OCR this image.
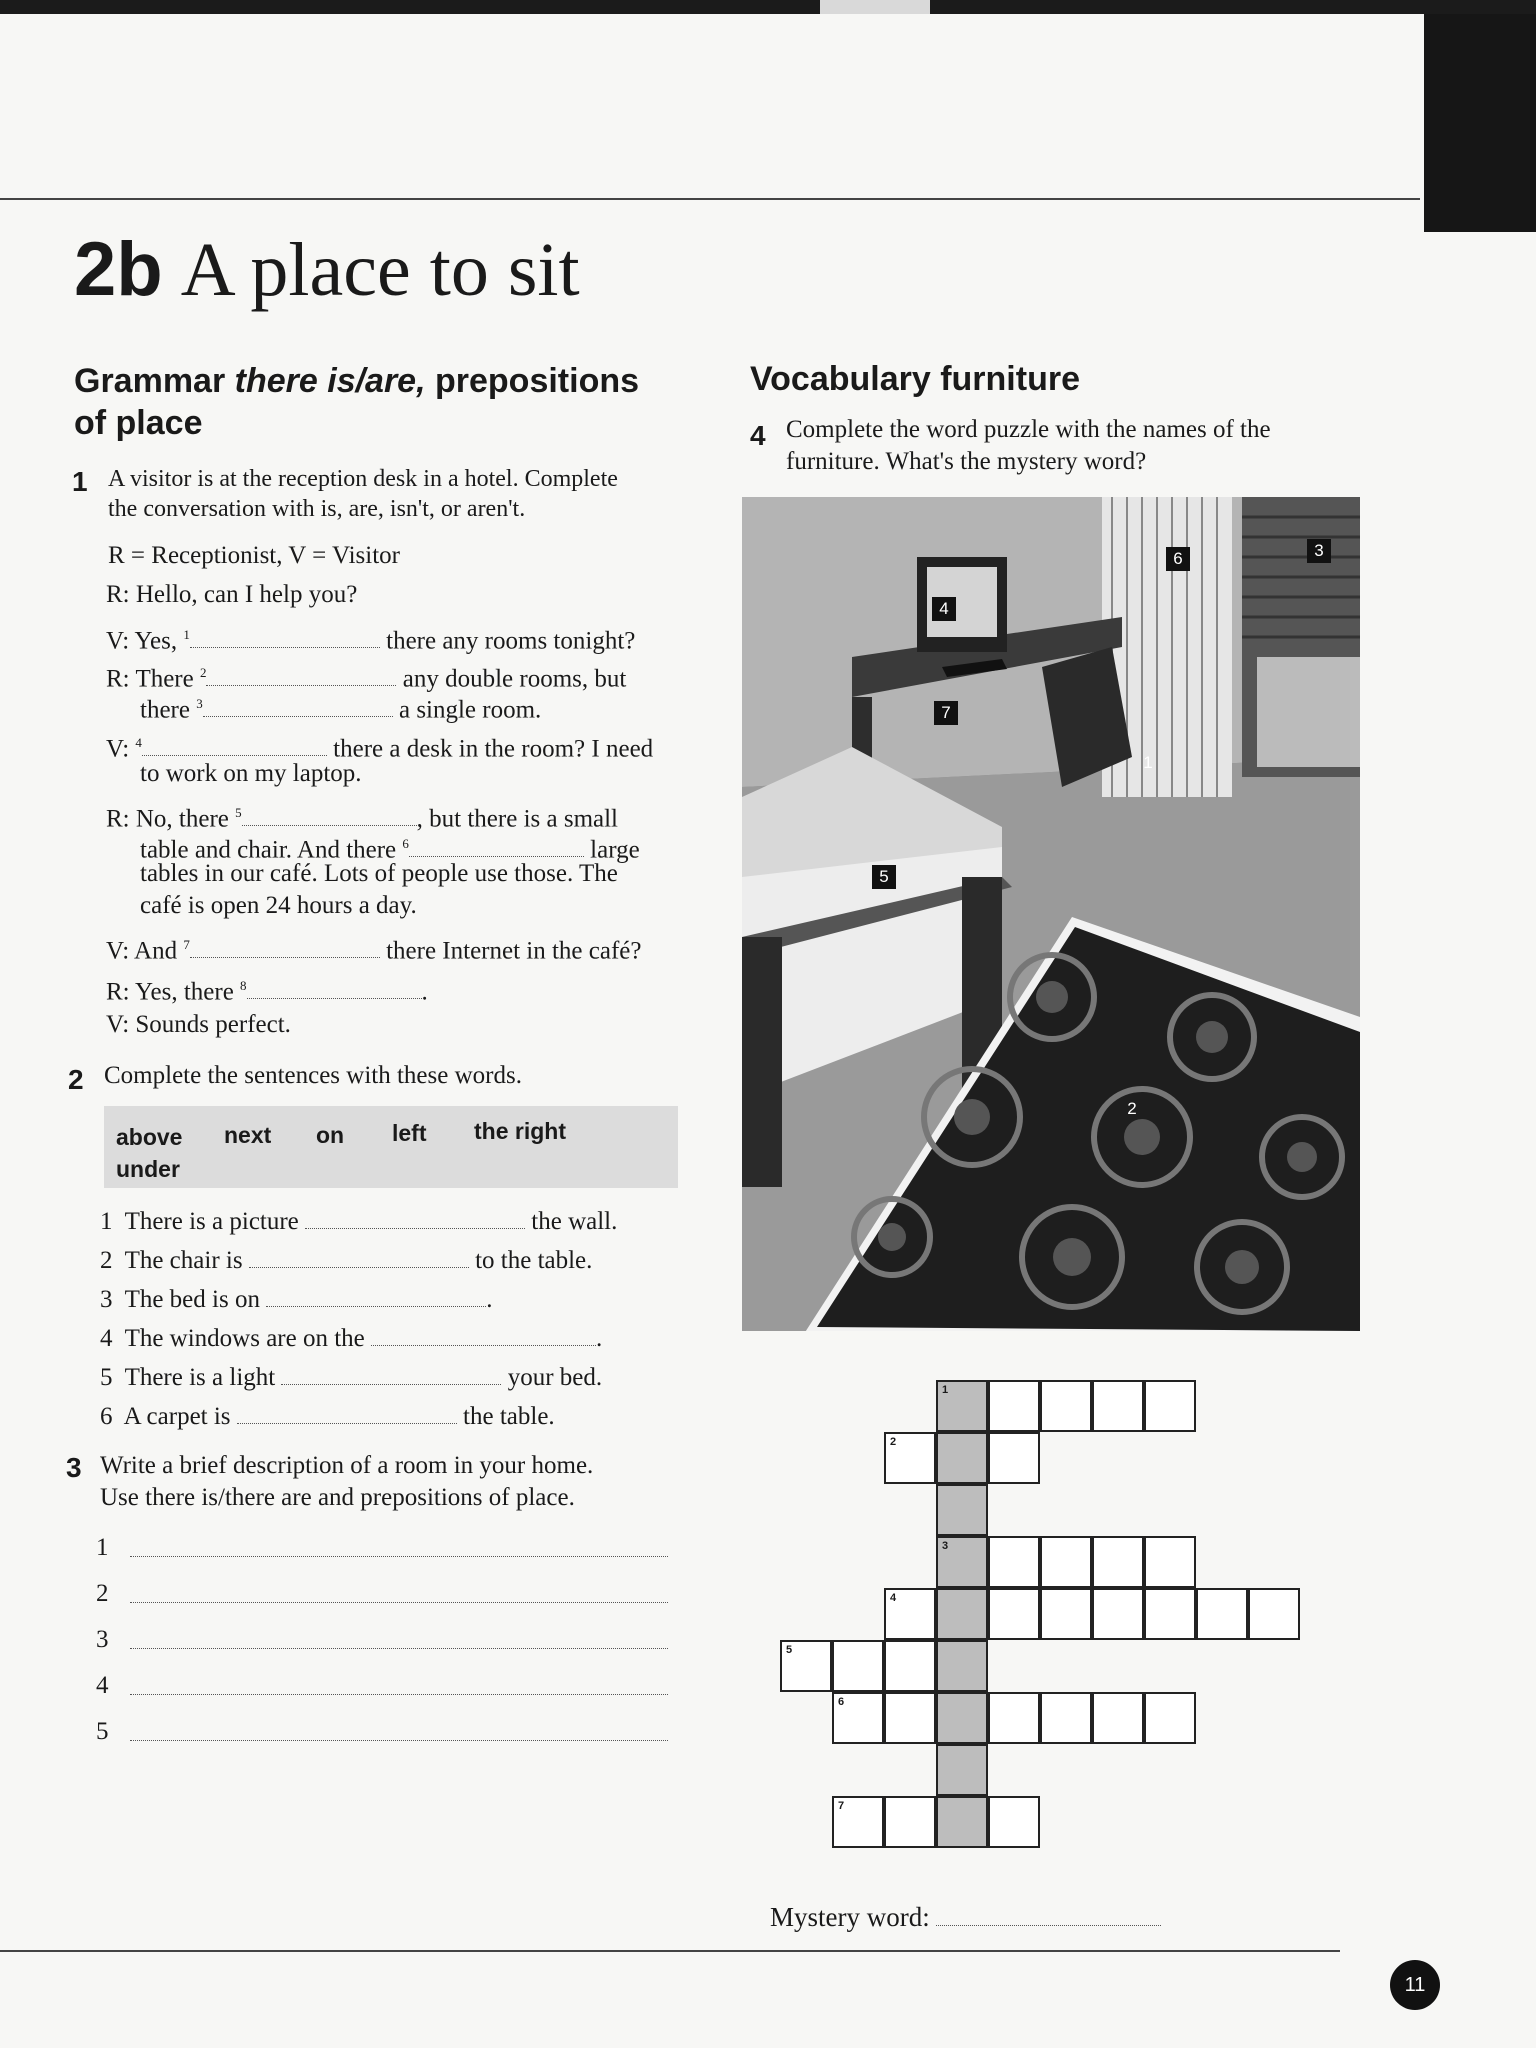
2b A place to sit
Grammar there is/are, prepositions
of place
1 A visitor is at the reception desk in a hotel. Complete
the conversation with is, are, isn't, or aren't.
R = Receptionist, V = Visitor
R: Hello, can I help you?
V: Yes, $^1$	there any rooms tonight?
R: There $^2$	any double rooms, but
there $^3$	a single room.
V: $^4$	there a desk in the room? I need
to work on my laptop.
R: No, there $^5$	, but there is a small
table and chair. And there $^6$	large
tables in our café. Lots of people use those. The
café is open 24 hours a day.
V: And $^7$	there Internet in the café?
R: Yes, there $^8$	.
V: Sounds perfect.
2 Complete the sentences with these words.
above next on left the right
under
1 There is a picture	the wall.
2 The chair is	to the table.
3 The bed is on	.
4 The windows are on the	.
5 There is a light	your bed.
6 A carpet is	the table.
3 Write a brief description of a room in your home.
Use there is/there are and prepositions of place.
1
2
3
4
5
Vocabulary furniture
4 Complete the word puzzle with the names of the
furniture. What's the mystery word?
6	3
4
7
1
5
2
1
2
3
4
5
6
7
Mystery word:
11
